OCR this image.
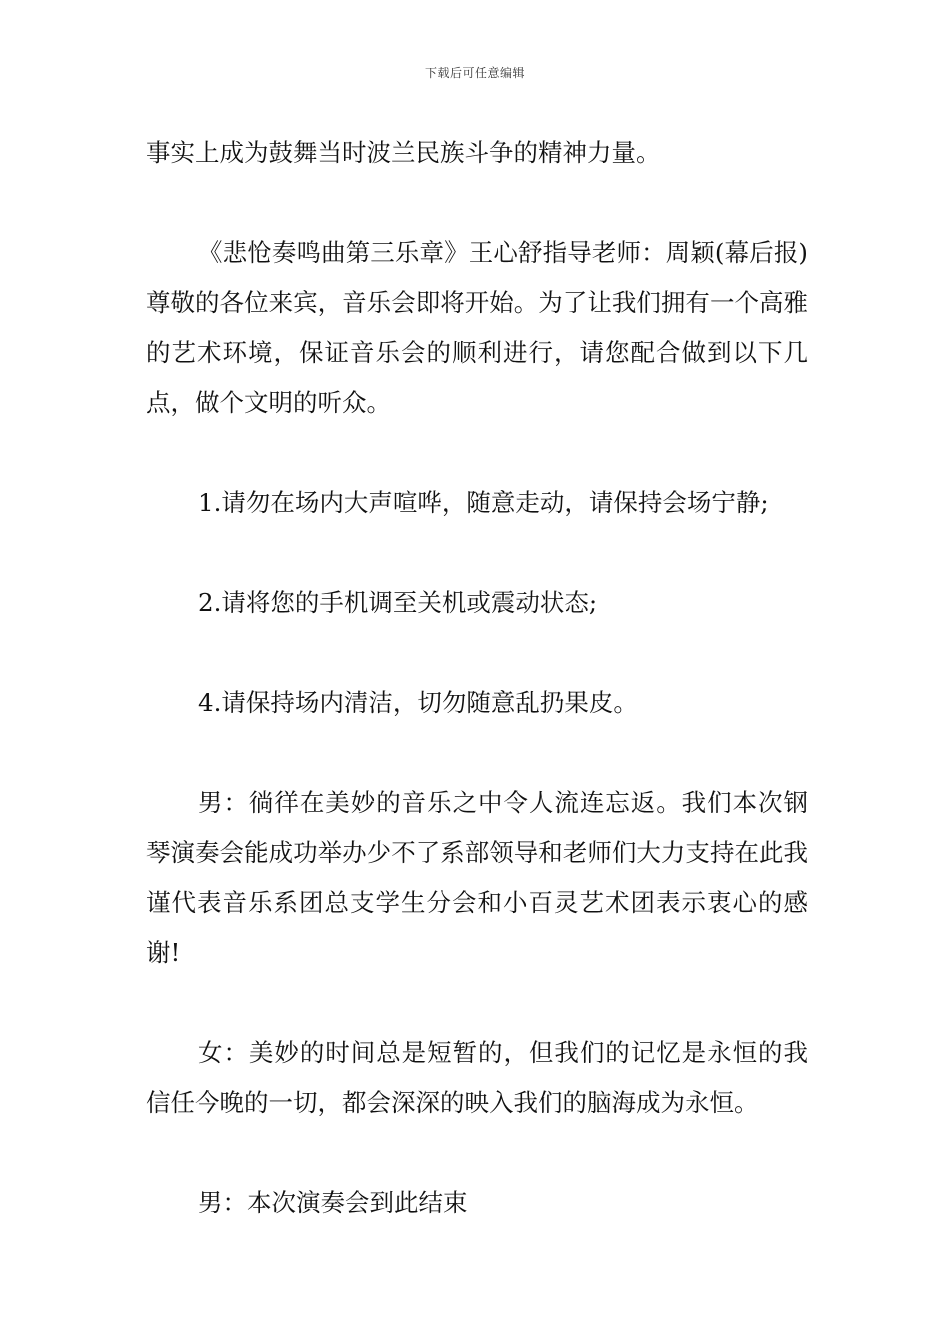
下载后可任意编辑

事实上成为鼓舞当时波兰民族斗争的精神力量。

《悲怆奏鸣曲第三乐章》王心舒指导老师：周颖(幕后报)尊敬的各位来宾，音乐会即将开始。为了让我们拥有一个高雅的艺术环境，保证音乐会的顺利进行，请您配合做到以下几点，做个文明的听众。

1.请勿在场内大声喧哗，随意走动，请保持会场宁静;

2.请将您的手机调至关机或震动状态;

4.请保持场内清洁，切勿随意乱扔果皮。

男：徜徉在美妙的音乐之中令人流连忘返。我们本次钢琴演奏会能成功举办少不了系部领导和老师们大力支持在此我谨代表音乐系团总支学生分会和小百灵艺术团表示衷心的感谢!

女：美妙的时间总是短暂的，但我们的记忆是永恒的我信任今晚的一切，都会深深的映入我们的脑海成为永恒。

男：本次演奏会到此结束
